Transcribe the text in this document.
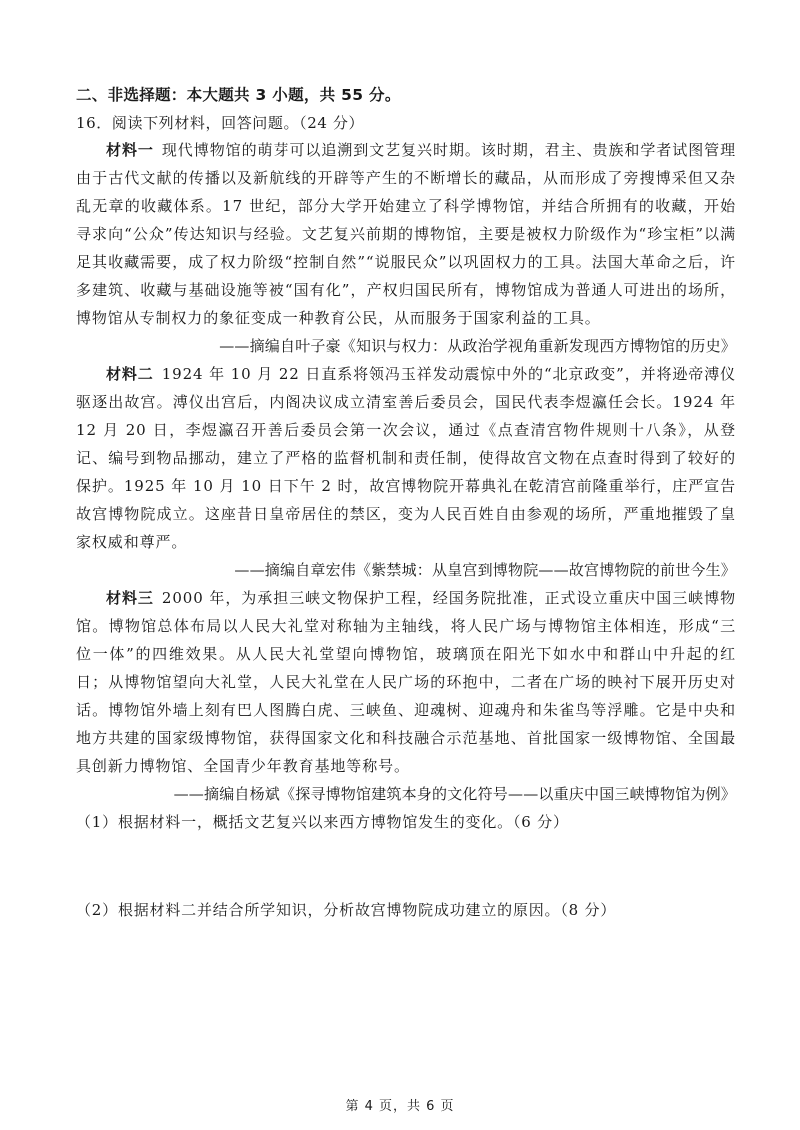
二、非选择题：本大题共 3 小题，共 55 分。

16．阅读下列材料，回答问题。（24 分）

材料一 现代博物馆的萌芽可以追溯到文艺复兴时期。该时期，君主、贵族和学者试图管理由于古代文献的传播以及新航线的开辟等产生的不断增长的藏品，从而形成了旁搜博采但又杂乱无章的收藏体系。17 世纪，部分大学开始建立了科学博物馆，并结合所拥有的收藏，开始寻求向“公众”传达知识与经验。文艺复兴前期的博物馆，主要是被权力阶级作为“珍宝柜”以满足其收藏需要，成了权力阶级“控制自然”“说服民众”以巩固权力的工具。法国大革命之后，许多建筑、收藏与基础设施等被“国有化”，产权归国民所有，博物馆成为普通人可进出的场所，博物馆从专制权力的象征变成一种教育公民，从而服务于国家利益的工具。

——摘编自叶子豪《知识与权力：从政治学视角重新发现西方博物馆的历史》

材料二 1924 年 10 月 22 日直系将领冯玉祥发动震惊中外的“北京政变”，并将逊帝溥仪驱逐出故宫。溥仪出宫后，内阁决议成立清室善后委员会，国民代表李煜瀛任会长。1924 年 12 月 20 日，李煜瀛召开善后委员会第一次会议，通过《点查清宫物件规则十八条》，从登记、编号到物品挪动，建立了严格的监督机制和责任制，使得故宫文物在点查时得到了较好的保护。1925 年 10 月 10 日下午 2 时，故宫博物院开幕典礼在乾清宫前隆重举行，庄严宣告故宫博物院成立。这座昔日皇帝居住的禁区，变为人民百姓自由参观的场所，严重地摧毁了皇家权威和尊严。

——摘编自章宏伟《紫禁城：从皇宫到博物院——故宫博物院的前世今生》

材料三 2000 年，为承担三峡文物保护工程，经国务院批准，正式设立重庆中国三峡博物馆。博物馆总体布局以人民大礼堂对称轴为主轴线，将人民广场与博物馆主体相连，形成“三位一体”的四维效果。从人民大礼堂望向博物馆，玻璃顶在阳光下如水中和群山中升起的红日；从博物馆望向大礼堂，人民大礼堂在人民广场的环抱中，二者在广场的映衬下展开历史对话。博物馆外墙上刻有巴人图腾白虎、三峡鱼、迎魂树、迎魂舟和朱雀鸟等浮雕。它是中央和地方共建的国家级博物馆，获得国家文化和科技融合示范基地、首批国家一级博物馆、全国最具创新力博物馆、全国青少年教育基地等称号。

——摘编自杨斌《探寻博物馆建筑本身的文化符号——以重庆中国三峡博物馆为例》

（1）根据材料一，概括文艺复兴以来西方博物馆发生的变化。（6 分）

（2）根据材料二并结合所学知识，分析故宫博物院成功建立的原因。（8 分）

第 4 页，共 6 页
